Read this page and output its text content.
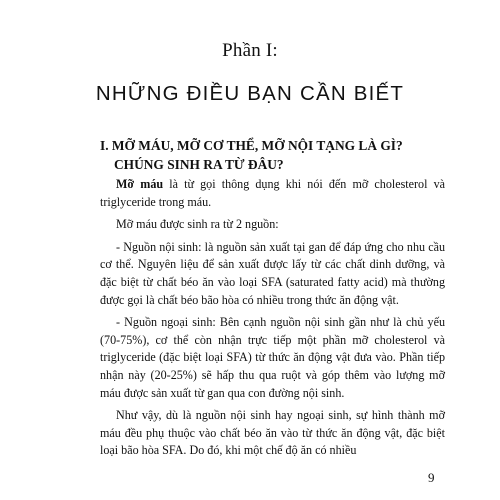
Phần I:
NHỮNG ĐIỀU BẠN CẦN BIẾT
I. MỠ MÁU, MỠ CƠ THỂ, MỠ NỘI TẠNG LÀ GÌ?
CHÚNG SINH RA TỪ ĐÂU?

Mỡ máu là từ gọi thông dụng khi nói đến mỡ cholesterol và triglyceride trong máu.

Mỡ máu được sinh ra từ 2 nguồn:

- Nguồn nội sinh: là nguồn sản xuất tại gan để đáp ứng cho nhu cầu cơ thể. Nguyên liệu để sản xuất được lấy từ các chất dinh dưỡng, và đặc biệt từ chất béo ăn vào loại SFA (saturated fatty acid) mà thường được gọi là chất béo bão hòa có nhiều trong thức ăn động vật.

- Nguồn ngoại sinh: Bên cạnh nguồn nội sinh gần như là chủ yếu (70-75%), cơ thể còn nhận trực tiếp một phần mỡ cholesterol và triglyceride (đặc biệt loại SFA) từ thức ăn động vật đưa vào. Phần tiếp nhận này (20-25%) sẽ hấp thu qua ruột và góp thêm vào lượng mỡ máu được sản xuất từ gan qua con đường nội sinh.

Như vậy, dù là nguồn nội sinh hay ngoại sinh, sự hình thành mỡ máu đều phụ thuộc vào chất béo ăn vào từ thức ăn động vật, đặc biệt loại bão hòa SFA. Do đó, khi một chế độ ăn có nhiều

9
